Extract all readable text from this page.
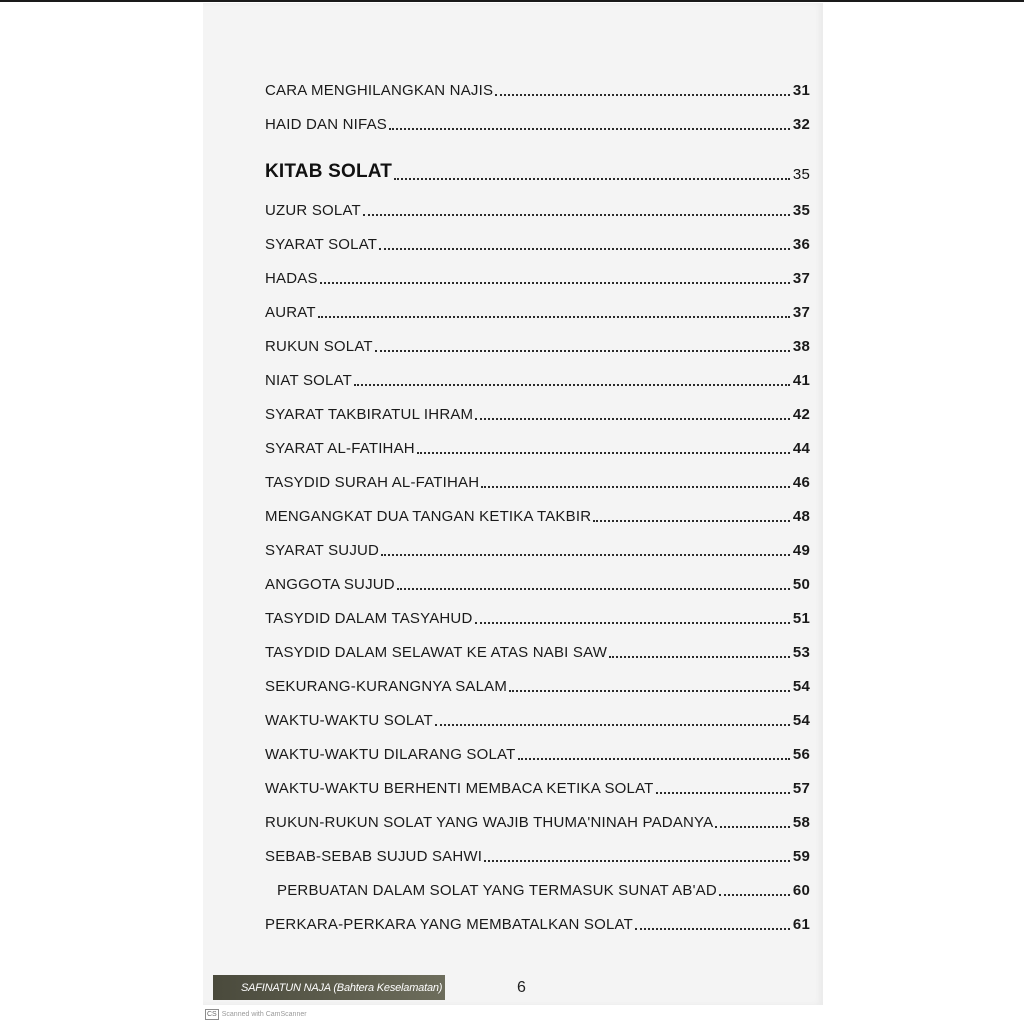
CARA MENGHILANGKAN NAJIS	31
HAID DAN NIFAS	32
KITAB SOLAT	35
UZUR SOLAT	35
SYARAT SOLAT	36
HADAS	37
AURAT	37
RUKUN SOLAT	38
NIAT SOLAT	41
SYARAT TAKBIRATUL IHRAM	42
SYARAT AL-FATIHAH	44
TASYDID SURAH AL-FATIHAH	46
MENGANGKAT DUA TANGAN KETIKA TAKBIR	48
SYARAT SUJUD	49
ANGGOTA SUJUD	50
TASYDID DALAM TASYAHUD	51
TASYDID DALAM SELAWAT KE ATAS NABI SAW	53
SEKURANG-KURANGNYA SALAM	54
WAKTU-WAKTU SOLAT	54
WAKTU-WAKTU DILARANG SOLAT	56
WAKTU-WAKTU BERHENTI MEMBACA KETIKA SOLAT	57
RUKUN-RUKUN SOLAT YANG WAJIB THUMA'NINAH PADANYA	58
SEBAB-SEBAB SUJUD SAHWI	59
PERBUATAN DALAM SOLAT YANG TERMASUK SUNAT AB'AD	60
PERKARA-PERKARA YANG MEMBATALKAN SOLAT	61
SAFINATUN NAJA (Bahtera Keselamatan)	6
CS Scanned with CamScanner
